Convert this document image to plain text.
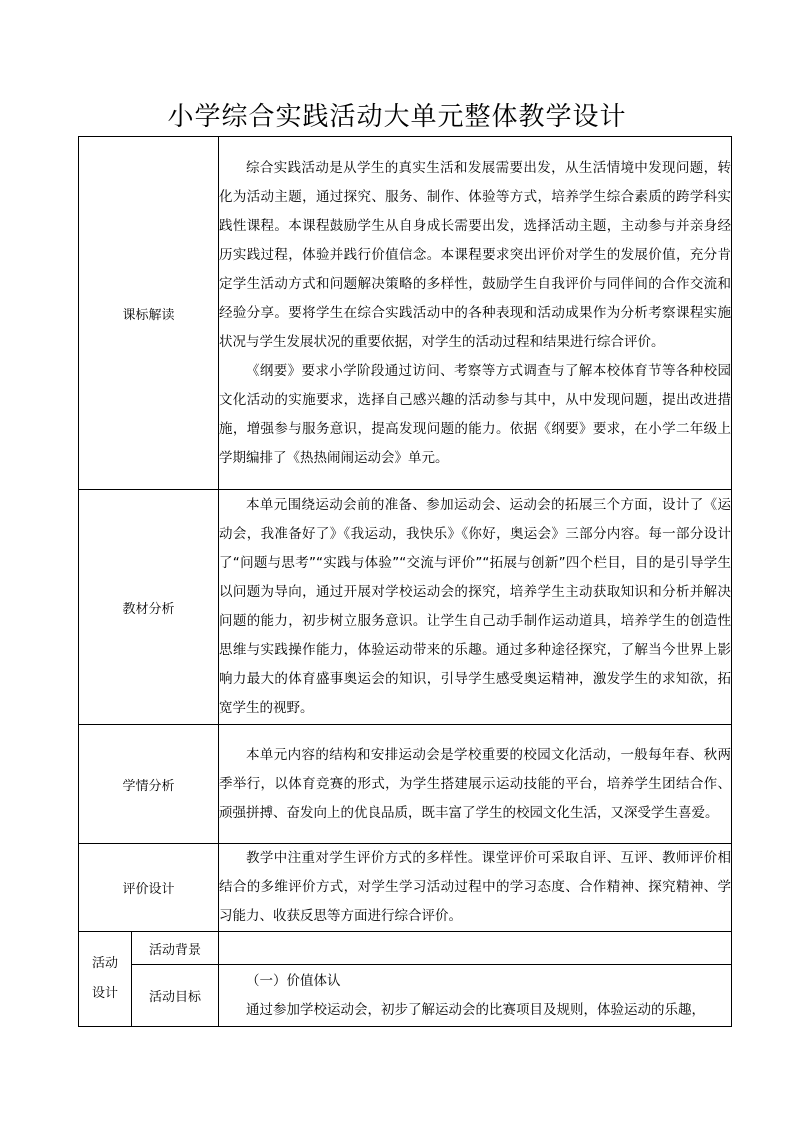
小学综合实践活动大单元整体教学设计
课标解读		综合实践活动是从学生的真实生活和发展需要出发，从生活情境中发现问题，转化为活动主题，通过探究、服务、制作、体验等方式，培养学生综合素质的跨学科实践性课程。本课程鼓励学生从自身成长需要出发，选择活动主题，主动参与并亲身经历实践过程，体验并践行价值信念。本课程要求突出评价对学生的发展价值，充分肯定学生活动方式和问题解决策略的多样性，鼓励学生自我评价与同伴间的合作交流和经验分享。要将学生在综合实践活动中的各种表现和活动成果作为分析考察课程实施状况与学生发展状况的重要依据，对学生的活动过程和结果进行综合评价。

《纲要》要求小学阶段通过访问、考察等方式调查与了解本校体育节等各种校园文化活动的实施要求，选择自己感兴趣的活动参与其中，从中发现问题，提出改进措施，增强参与服务意识，提高发现问题的能力。依据《纲要》要求，在小学二年级上学期编排了《热热闹闹运动会》单元。

教材分析		本单元围绕运动会前的准备、参加运动会、运动会的拓展三个方面，设计了《运动会，我准备好了》《我运动，我快乐》《你好，奥运会》三部分内容。每一部分设计了“问题与思考”“实践与体验”“交流与评价”“拓展与创新”四个栏目，目的是引导学生以问题为导向，通过开展对学校运动会的探究，培养学生主动获取知识和分析并解决问题的能力，初步树立服务意识。让学生自己动手制作运动道具，培养学生的创造性思维与实践操作能力，体验运动带来的乐趣。通过多种途径探究，了解当今世界上影响力最大的体育盛事奥运会的知识，引导学生感受奥运精神，激发学生的求知欲，拓宽学生的视野。

学情分析		本单元内容的结构和安排运动会是学校重要的校园文化活动，一般每年春、秋两季举行，以体育竞赛的形式，为学生搭建展示运动技能的平台，培养学生团结合作、顽强拼搏、奋发向上的优良品质，既丰富了学生的校园文化生活，又深受学生喜爱。

评价设计		教学中注重对学生评价方式的多样性。课堂评价可采取自评、互评、教师评价相结合的多维评价方式，对学生学习活动过程中的学习态度、合作精神、探究精神、学习能力、收获反思等方面进行综合评价。

活动
设计	活动背景	
	活动目标	（一）价值体认

通过参加学校运动会，初步了解运动会的比赛项目及规则，体验运动的乐趣，
